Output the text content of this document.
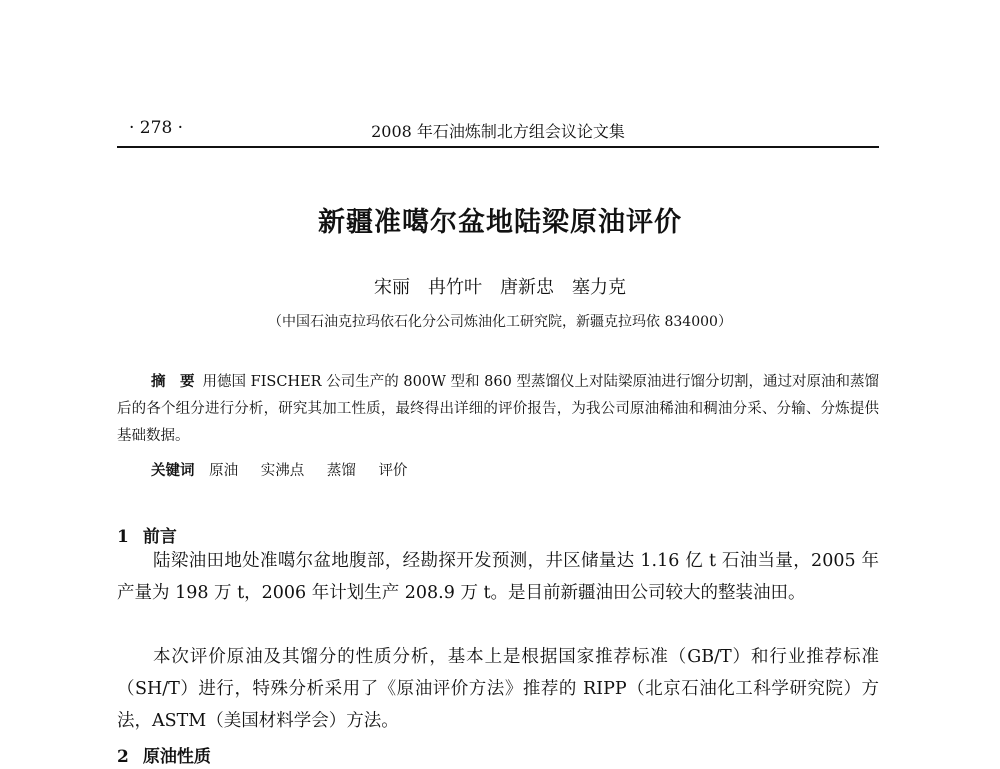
· 278 ·	2008 年石油炼制北方组会议论文集
新疆准噶尔盆地陆梁原油评价
宋丽　冉竹叶　唐新忠　塞力克
（中国石油克拉玛依石化分公司炼油化工研究院，新疆克拉玛依 834000）
摘　要 用德国 FISCHER 公司生产的 800W 型和 860 型蒸馏仪上对陆梁原油进行馏分切割，通过对原油和蒸馏后的各个组分进行分析，研究其加工性质，最终得出详细的评价报告，为我公司原油稀油和稠油分采、分输、分炼提供基础数据。
关键词 原油 实沸点 蒸馏 评价
1 前言

陆梁油田地处准噶尔盆地腹部，经勘探开发预测，井区储量达 1.16 亿 t 石油当量，2005 年产量为 198 万 t，2006 年计划生产 208.9 万 t。是目前新疆油田公司较大的整装油田。

本次评价原油及其馏分的性质分析，基本上是根据国家推荐标准（GB/T）和行业推荐标准（SH/T）进行，特殊分析采用了《原油评价方法》推荐的 RIPP（北京石油化工科学研究院）方法，ASTM（美国材料学会）方法。

2 原油性质
